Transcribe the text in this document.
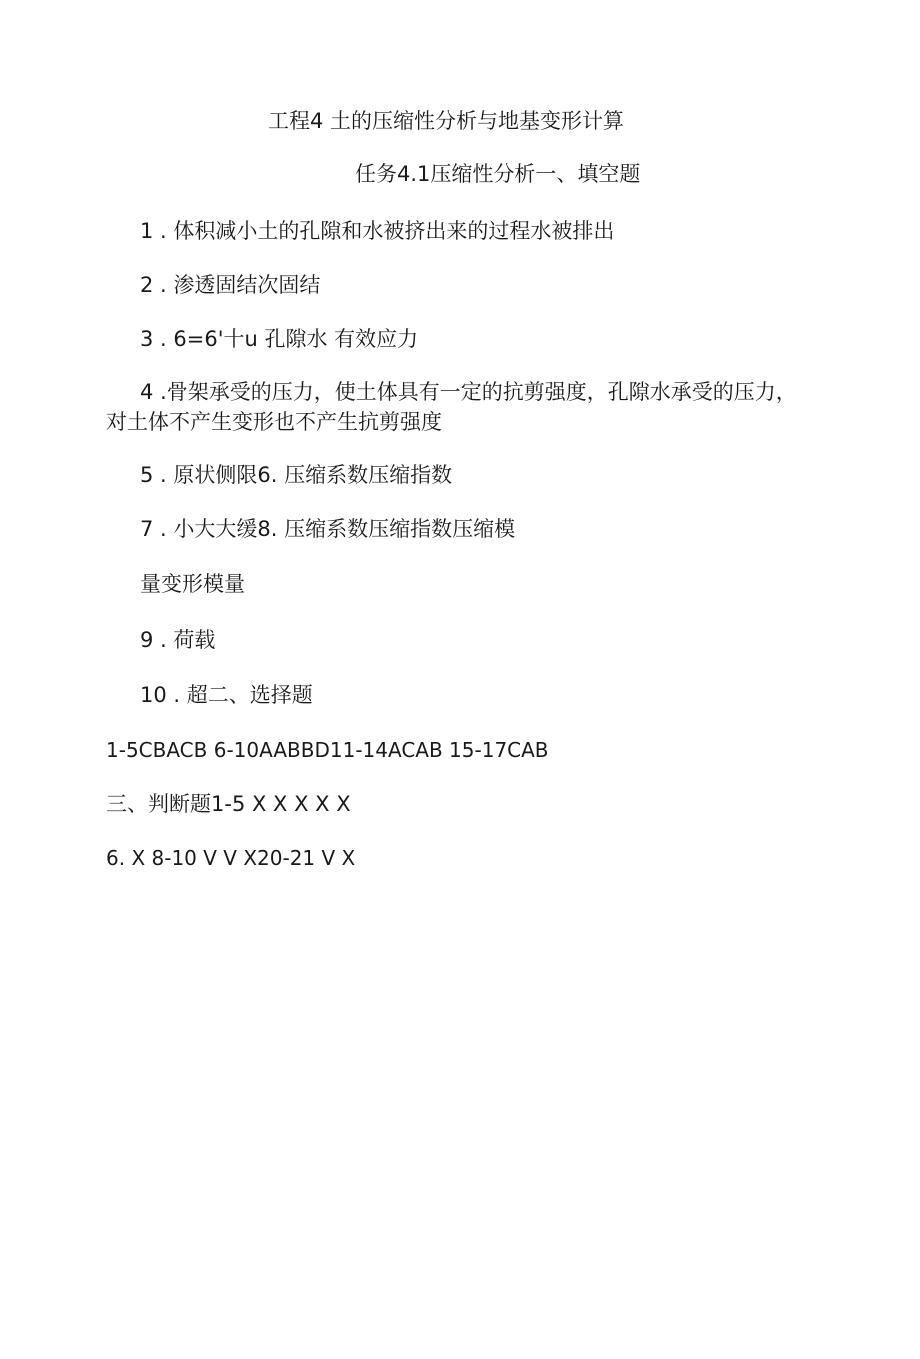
工程4 土的压缩性分析与地基变形计算
任务4.1压缩性分析一、填空题
1 . 体积减小土的孔隙和水被挤出来的过程水被排出
2 . 渗透固结次固结
3 . 6=6'十u 孔隙水 有效应力
4 .骨架承受的压力，使土体具有一定的抗剪强度，孔隙水承受的压力，对土体不产生变形也不产生抗剪强度
5 . 原状侧限6. 压缩系数压缩指数
7 . 小大大缓8. 压缩系数压缩指数压缩模
量变形模量
9 . 荷载
10 . 超二、选择题
1-5CBACB 6-10AABBD11-14ACAB 15-17CAB
三、判断题1-5 X X X X X
6. X 8-10 V V X20-21 V X
